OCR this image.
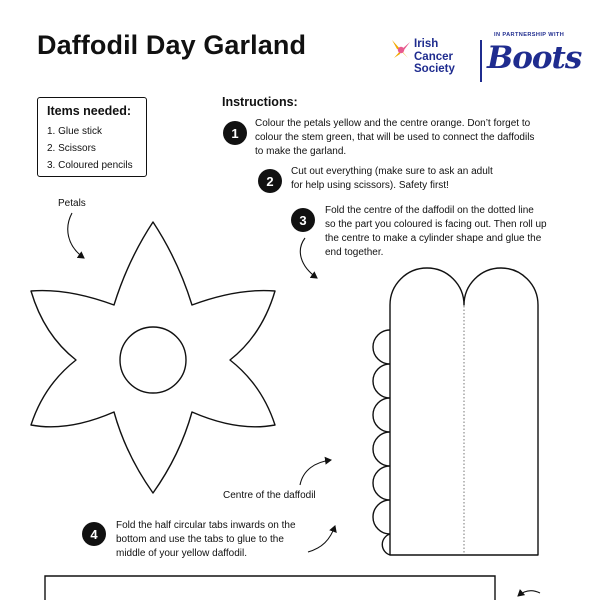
Daffodil Day Garland	Irish
Cancer
Society
IN PARTNERSHIP WITH
Boots
Items needed:
1. Glue stick
2. Scissors
3. Coloured pencils
Instructions:
1
Colour the petals yellow and the centre orange. Don’t forget to
colour the stem green, that will be used to connect the daffodils
to make the garland.
2
Cut out everything (make sure to ask an adult
for help using scissors). Safety first!
3
Fold the centre of the daffodil on the dotted line
so the part you coloured is facing out. Then roll up
the centre to make a cylinder shape and glue the
end together.
4
Fold the half circular tabs inwards on the
bottom and use the tabs to glue to the
middle of your yellow daffodil.
Petals
Centre of the daffodil
